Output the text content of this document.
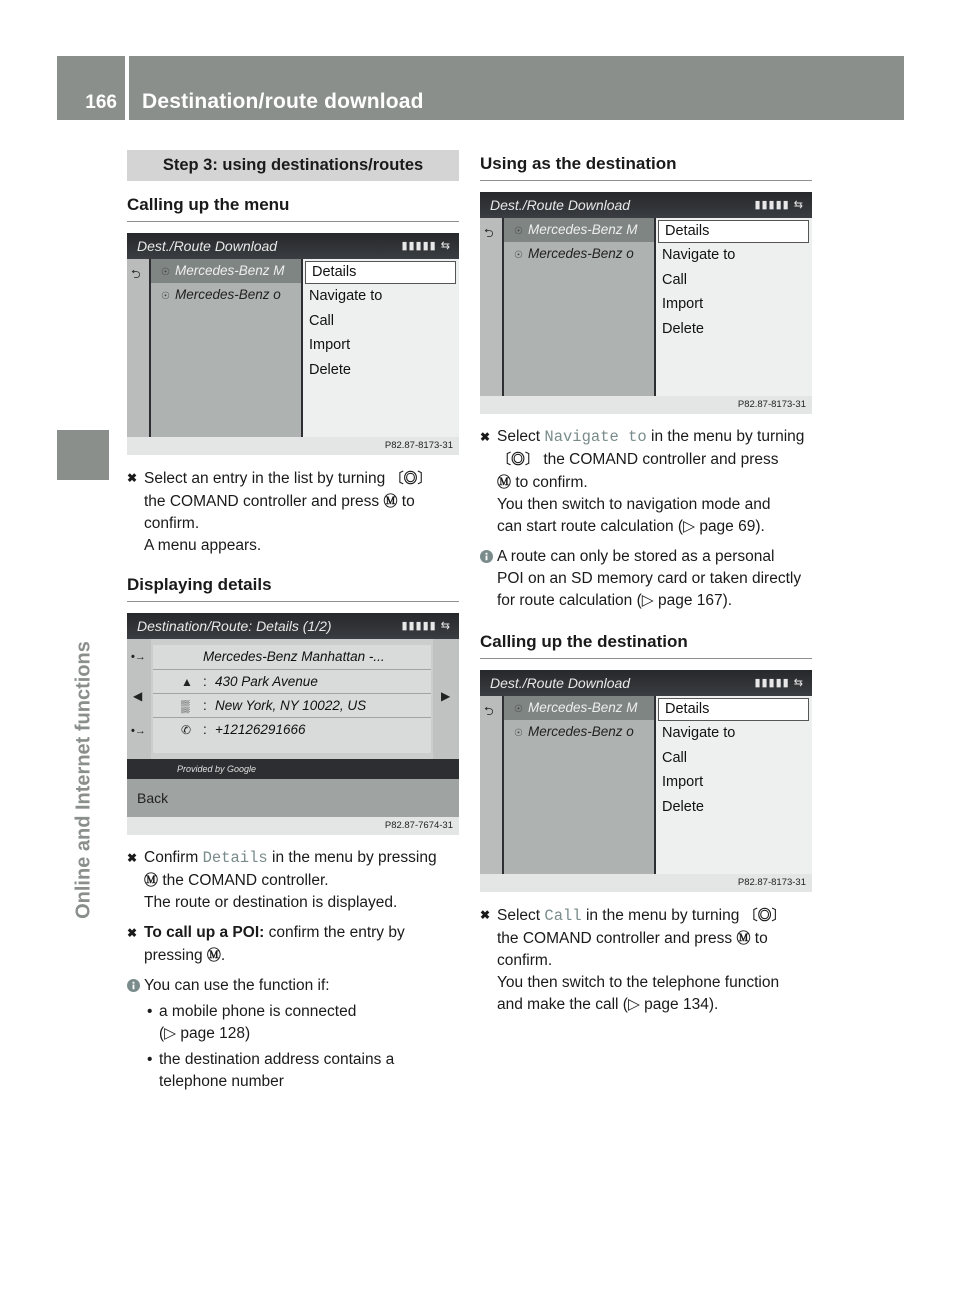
166 Destination/route download
Online and Internet functions
Step 3: using destinations/routes
Calling up the menu
Dest./Route Download	▮▮▮▮▮ ⇆
⮌	☉ Mercedes-Benz M
☉ Mercedes-Benz o
Details
Navigate to
Call
Import
Delete
P82.87-8173-31
✖ Select an entry in the list by turning 〔◎〕
the COMAND controller and press Ⓜ to
confirm.
A menu appears.
Displaying details
Destination/Route: Details (1/2)	▮▮▮▮▮ ⇆
•→
◀
•→
Mercedes-Benz Manhattan -...
▲ : 430 Park Avenue
▒ : New York, NY 10022, US
✆ : +12126291666
▶
Provided by Google
Back
P82.87-7674-31
✖ Confirm Details in the menu by pressing
Ⓜ the COMAND controller.
The route or destination is displayed.
✖ To call up a POI: confirm the entry by
pressing Ⓜ.
You can use the function if:
• a mobile phone is connected
(▷ page 128)
• the destination address contains a
telephone number
Using as the destination
Dest./Route Download	▮▮▮▮▮ ⇆
⮌	☉ Mercedes-Benz M
☉ Mercedes-Benz o
Details
Navigate to
Call
Import
Delete
P82.87-8173-31
✖ Select Navigate to in the menu by turning
〔◎〕 the COMAND controller and press
Ⓜ to confirm.
You then switch to navigation mode and
can start route calculation (▷ page 69).
A route can only be stored as a personal
POI on an SD memory card or taken directly
for route calculation (▷ page 167).
Calling up the destination
Dest./Route Download	▮▮▮▮▮ ⇆
⮌	☉ Mercedes-Benz M
☉ Mercedes-Benz o
Details
Navigate to
Call
Import
Delete
P82.87-8173-31
✖ Select Call in the menu by turning 〔◎〕
the COMAND controller and press Ⓜ to
confirm.
You then switch to the telephone function
and make the call (▷ page 134).
